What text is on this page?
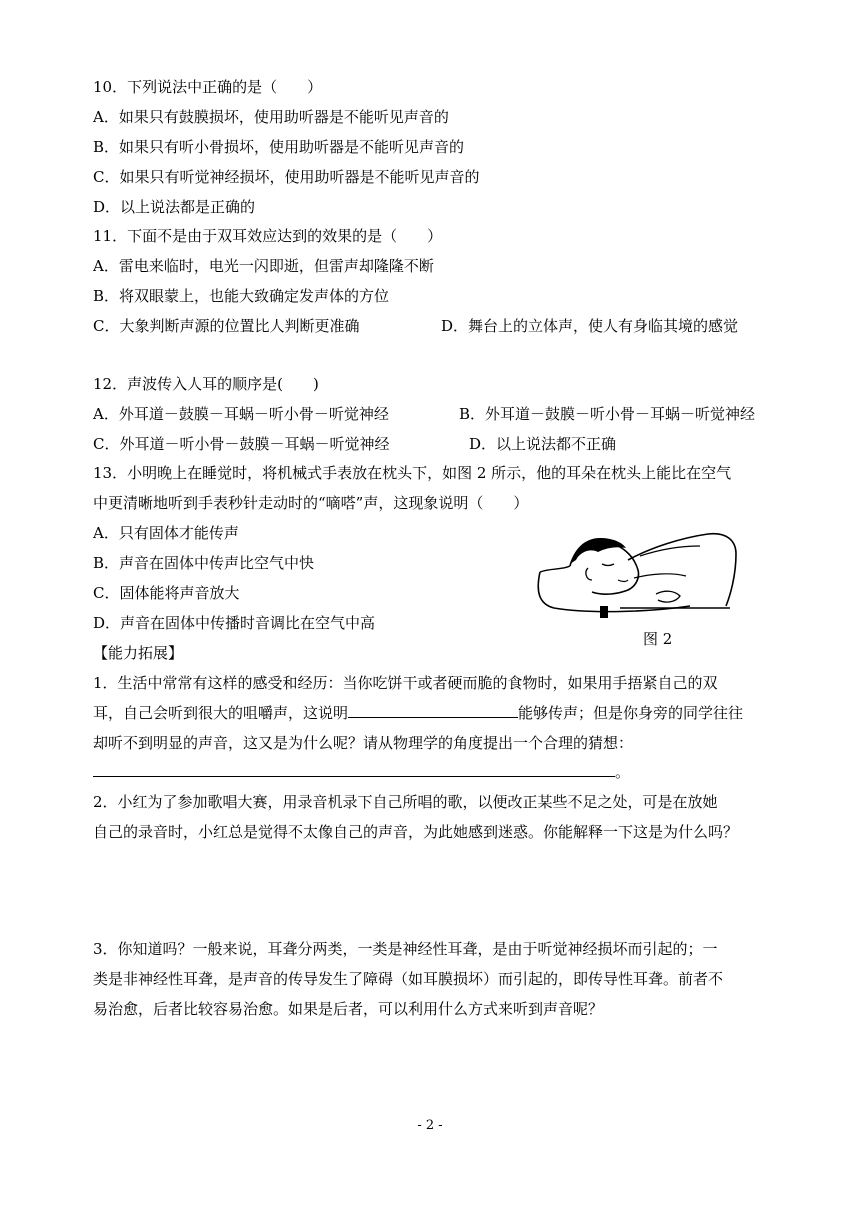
10．下列说法中正确的是（　　）
A．如果只有鼓膜损坏，使用助听器是不能听见声音的
B．如果只有听小骨损坏，使用助听器是不能听见声音的
C．如果只有听觉神经损坏，使用助听器是不能听见声音的
D．以上说法都是正确的
11．下面不是由于双耳效应达到的效果的是（　　）
A．雷电来临时，电光一闪即逝，但雷声却隆隆不断
B．将双眼蒙上，也能大致确定发声体的方位
C．大象判断声源的位置比人判断更准确	D．舞台上的立体声，使人有身临其境的感觉
12．声波传入人耳的顺序是(　　)
A．外耳道－鼓膜－耳蜗－听小骨－听觉神经	B．外耳道－鼓膜－听小骨－耳蜗－听觉神经
C．外耳道－听小骨－鼓膜－耳蜗－听觉神经	D．以上说法都不正确
13．小明晚上在睡觉时，将机械式手表放在枕头下，如图 2 所示，他的耳朵在枕头上能比在空气
中更清晰地听到手表秒针走动时的“嘀嗒”声，这现象说明（　　）
A．只有固体才能传声
B．声音在固体中传声比空气中快
C．固体能将声音放大
D．声音在固体中传播时音调比在空气中高
图 2
【能力拓展】
1．生活中常常有这样的感受和经历：当你吃饼干或者硬而脆的食物时，如果用手捂紧自己的双
耳，自己会听到很大的咀嚼声，这说明	能够传声；但是你身旁的同学往往
却听不到明显的声音，这又是为什么呢？请从物理学的角度提出一个合理的猜想：
。
2．小红为了参加歌唱大赛，用录音机录下自己所唱的歌，以便改正某些不足之处，可是在放她
自己的录音时，小红总是觉得不太像自己的声音，为此她感到迷惑。你能解释一下这是为什么吗？
3．你知道吗？一般来说，耳聋分两类，一类是神经性耳聋，是由于听觉神经损坏而引起的；一
类是非神经性耳聋，是声音的传导发生了障碍（如耳膜损坏）而引起的，即传导性耳聋。前者不
易治愈，后者比较容易治愈。如果是后者，可以利用什么方式来听到声音呢？
- 2 -
